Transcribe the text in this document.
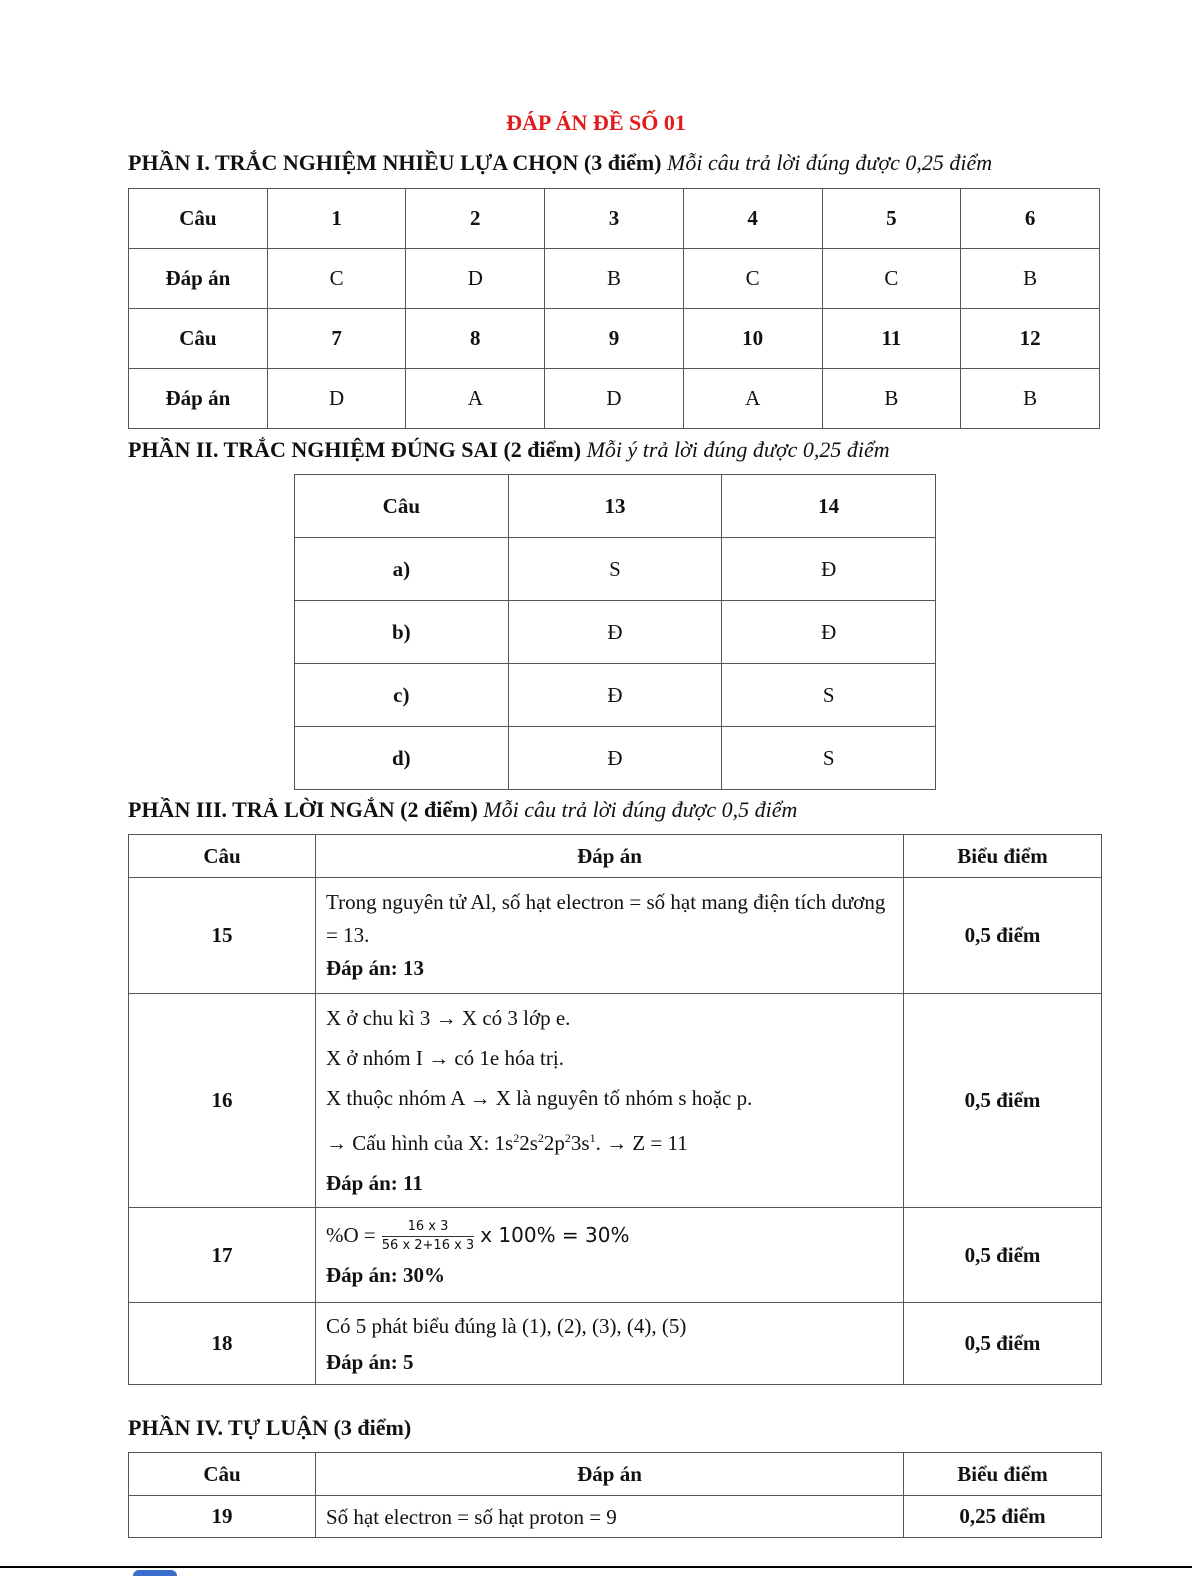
ĐÁP ÁN ĐỀ SỐ 01
PHẦN I. TRẮC NGHIỆM NHIỀU LỰA CHỌN (3 điểm) Mỗi câu trả lời đúng được 0,25 điểm
Câu	1	2	3	4	5	6
Đáp án	C	D	B	C	C	B
Câu	7	8	9	10	11	12
Đáp án	D	A	D	A	B	B
PHẦN II. TRẮC NGHIỆM ĐÚNG SAI (2 điểm) Mỗi ý trả lời đúng được 0,25 điểm
Câu	13	14
a)	S	Đ
b)	Đ	Đ
c)	Đ	S
d)	Đ	S
PHẦN III. TRẢ LỜI NGẮN (2 điểm) Mỗi câu trả lời đúng được 0,5 điểm
Câu	Đáp án	Biểu điểm
15	Trong nguyên tử Al, số hạt electron = số hạt mang điện tích dương = 13.
Đáp án: 13	0,5 điểm
16	X ở chu kì 3 → X có 3 lớp e.
X ở nhóm I → có 1e hóa trị.
X thuộc nhóm A → X là nguyên tố nhóm s hoặc p.
→ Cấu hình của X: $1s^22s^22p^23s^1$. → Z = 11
Đáp án: 11	0,5 điểm
17	$\%O = \frac{16 x 3}{56 x 2+16 x 3}$ x 100% = 30%
Đáp án: 30%	0,5 điểm
18	Có 5 phát biểu đúng là (1), (2), (3), (4), (5)
Đáp án: 5	0,5 điểm
PHẦN IV. TỰ LUẬN (3 điểm)
Câu	Đáp án	Biểu điểm
19	Số hạt electron = số hạt proton = 9	0,25 điểm
